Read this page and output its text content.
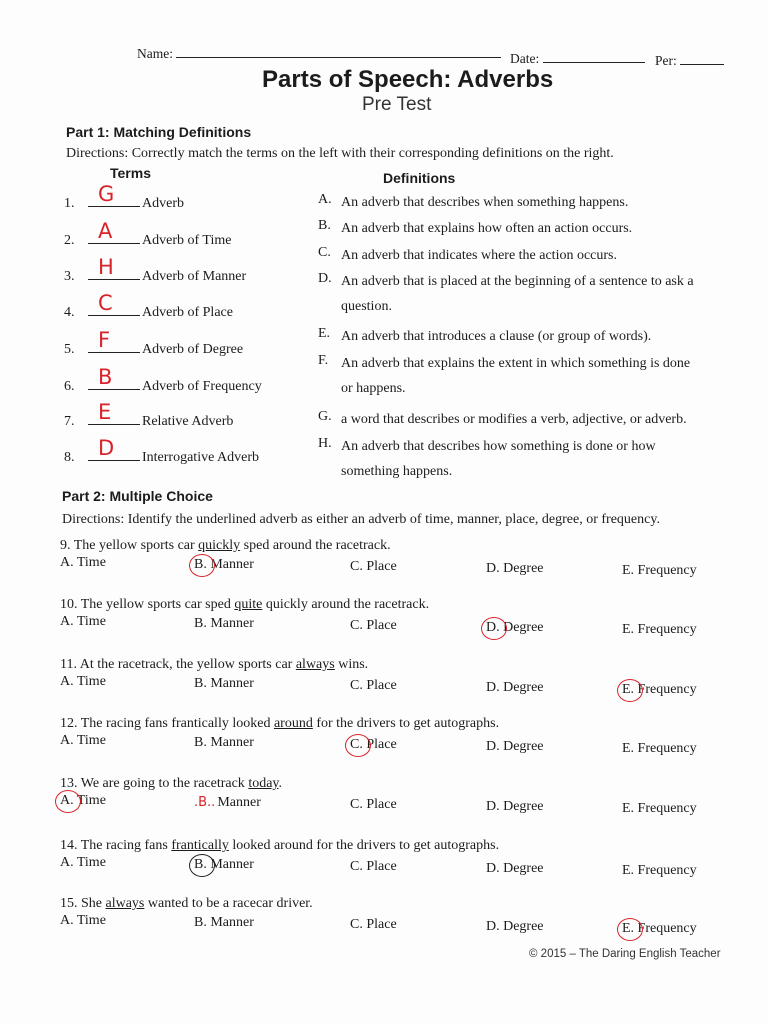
Name:	Date:	Per:
Parts of Speech: Adverbs
Pre Test
Part 1: Matching Definitions
Directions: Correctly match the terms on the left with their corresponding definitions on the right.
Terms	Definitions
1. G Adverb
2. A Adverb of Time
3. H Adverb of Manner
4. C Adverb of Place
5. F Adverb of Degree
6. B Adverb of Frequency
7. E Relative Adverb
8. D Interrogative Adverb
A. An adverb that describes when something happens.
B. An adverb that explains how often an action occurs.
C. An adverb that indicates where the action occurs.
D. An adverb that is placed at the beginning of a sentence to ask a
question.
E. An adverb that introduces a clause (or group of words).
F. An adverb that explains the extent in which something is done
or happens.
G. a word that describes or modifies a verb, adjective, or adverb.
H. An adverb that describes how something is done or how
something happens.
Part 2: Multiple Choice
Directions: Identify the underlined adverb as either an adverb of time, manner, place, degree, or frequency.
9. The yellow sports car quickly sped around the racetrack.
A. Time	B. Manner	C. Place	D. Degree	E. Frequency
10. The yellow sports car sped quite quickly around the racetrack.
A. Time	B. Manner	C. Place	D. Degree	E. Frequency
11. At the racetrack, the yellow sports car always wins.
A. Time	B. Manner	C. Place	D. Degree	E. Frequency
12. The racing fans frantically looked around for the drivers to get autographs.
A. Time	B. Manner	C. Place	D. Degree	E. Frequency
13. We are going to the racetrack today.
A. Time	.B.. Manner	C. Place	D. Degree	E. Frequency
14. The racing fans frantically looked around for the drivers to get autographs.
A. Time	B. Manner	C. Place	D. Degree	E. Frequency
15. She always wanted to be a racecar driver.
A. Time	B. Manner	C. Place	D. Degree	E. Frequency
© 2015 – The Daring English Teacher
